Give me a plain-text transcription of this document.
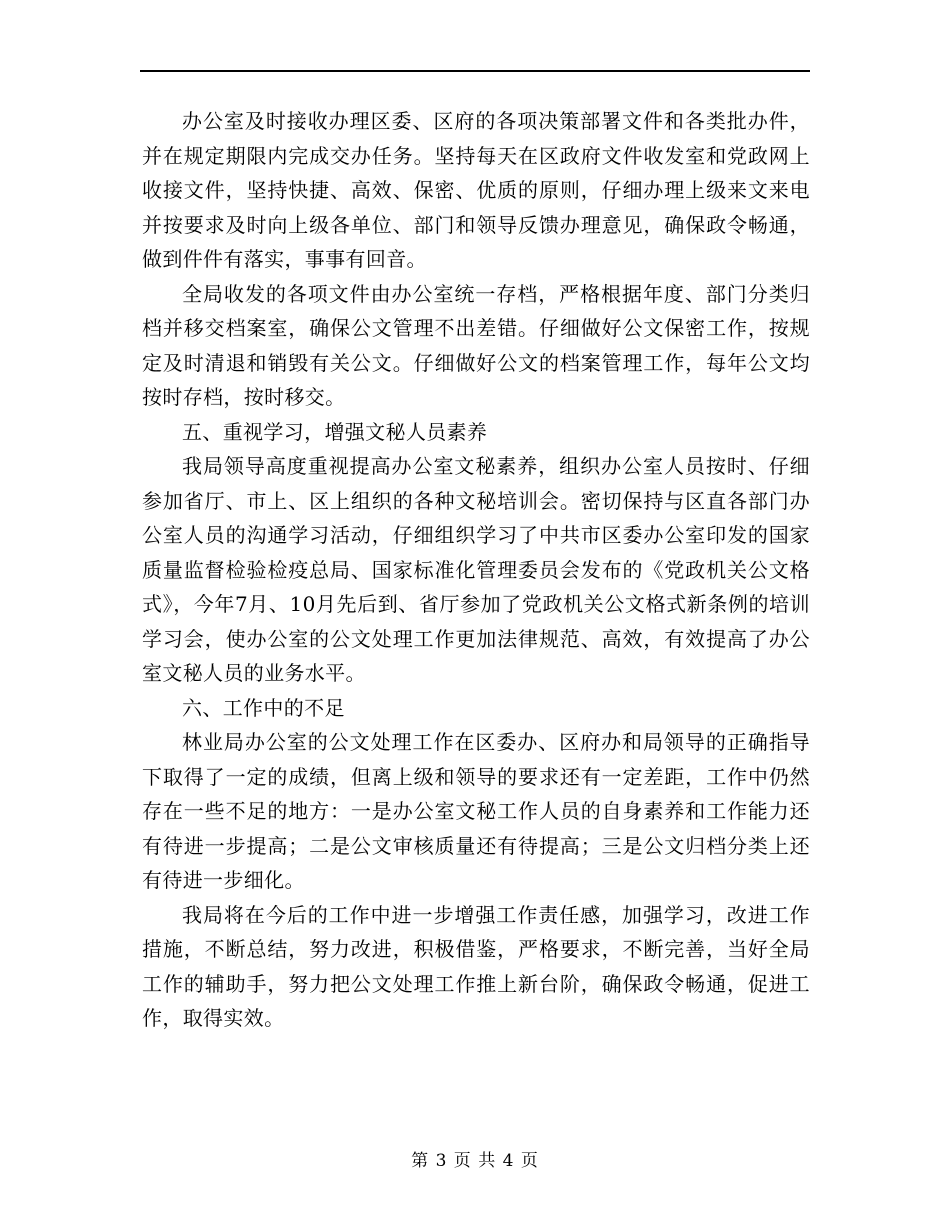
办公室及时接收办理区委、区府的各项决策部署文件和各类批办件，并在规定期限内完成交办任务。坚持每天在区政府文件收发室和党政网上收接文件，坚持快捷、高效、保密、优质的原则，仔细办理上级来文来电并按要求及时向上级各单位、部门和领导反馈办理意见，确保政令畅通，做到件件有落实，事事有回音。

全局收发的各项文件由办公室统一存档，严格根据年度、部门分类归档并移交档案室，确保公文管理不出差错。仔细做好公文保密工作，按规定及时清退和销毁有关公文。仔细做好公文的档案管理工作，每年公文均按时存档，按时移交。

五、重视学习，增强文秘人员素养

我局领导高度重视提高办公室文秘素养，组织办公室人员按时、仔细参加省厅、市上、区上组织的各种文秘培训会。密切保持与区直各部门办公室人员的沟通学习活动，仔细组织学习了中共市区委办公室印发的国家质量监督检验检疫总局、国家标准化管理委员会发布的《党政机关公文格式》，今年7月、10月先后到、省厅参加了党政机关公文格式新条例的培训学习会，使办公室的公文处理工作更加法律规范、高效，有效提高了办公室文秘人员的业务水平。

六、工作中的不足

林业局办公室的公文处理工作在区委办、区府办和局领导的正确指导下取得了一定的成绩，但离上级和领导的要求还有一定差距，工作中仍然存在一些不足的地方：一是办公室文秘工作人员的自身素养和工作能力还有待进一步提高；二是公文审核质量还有待提高；三是公文归档分类上还有待进一步细化。

我局将在今后的工作中进一步增强工作责任感，加强学习，改进工作措施，不断总结，努力改进，积极借鉴，严格要求，不断完善，当好全局工作的辅助手，努力把公文处理工作推上新台阶，确保政令畅通，促进工作，取得实效。

第 3 页 共 4 页
